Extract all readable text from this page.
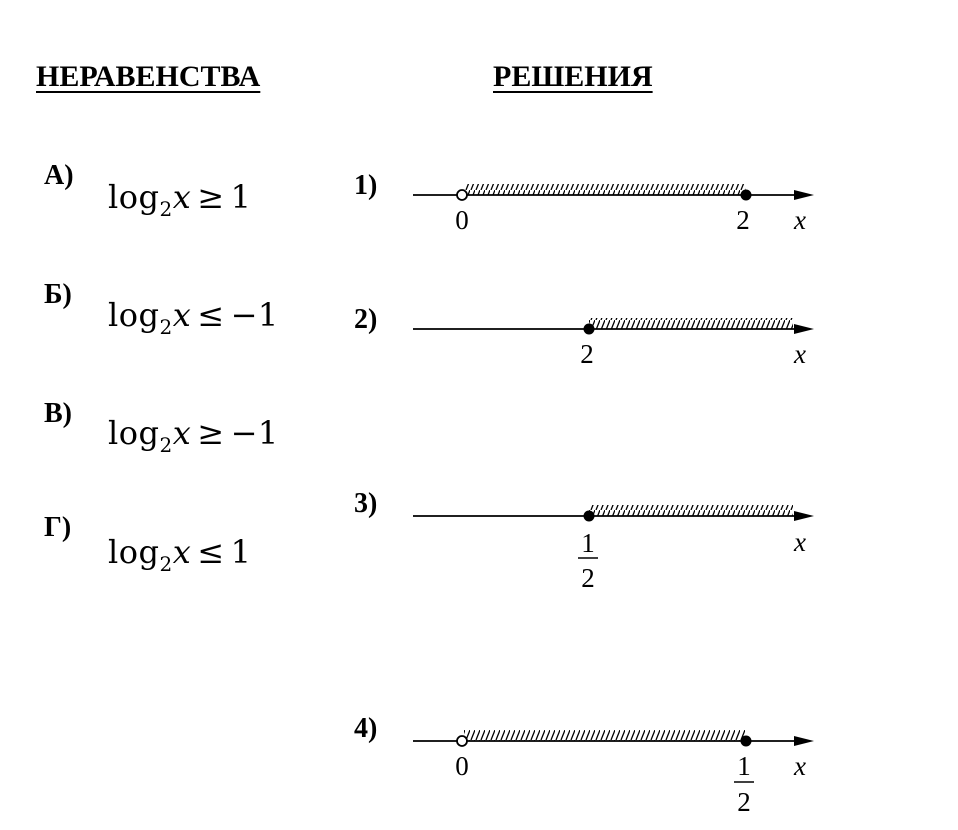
НЕРАВЕНСТВА	РЕШЕНИЯ
А)
$\log_2x \ge 1$
Б)
$\log_2x \le -1$
В)
$\log_2x \ge -1$
Г)
$\log_2x \le 1$
1)
2)
3)
4)
0	2 x
2	x
1
2
x
0	1
2
x
